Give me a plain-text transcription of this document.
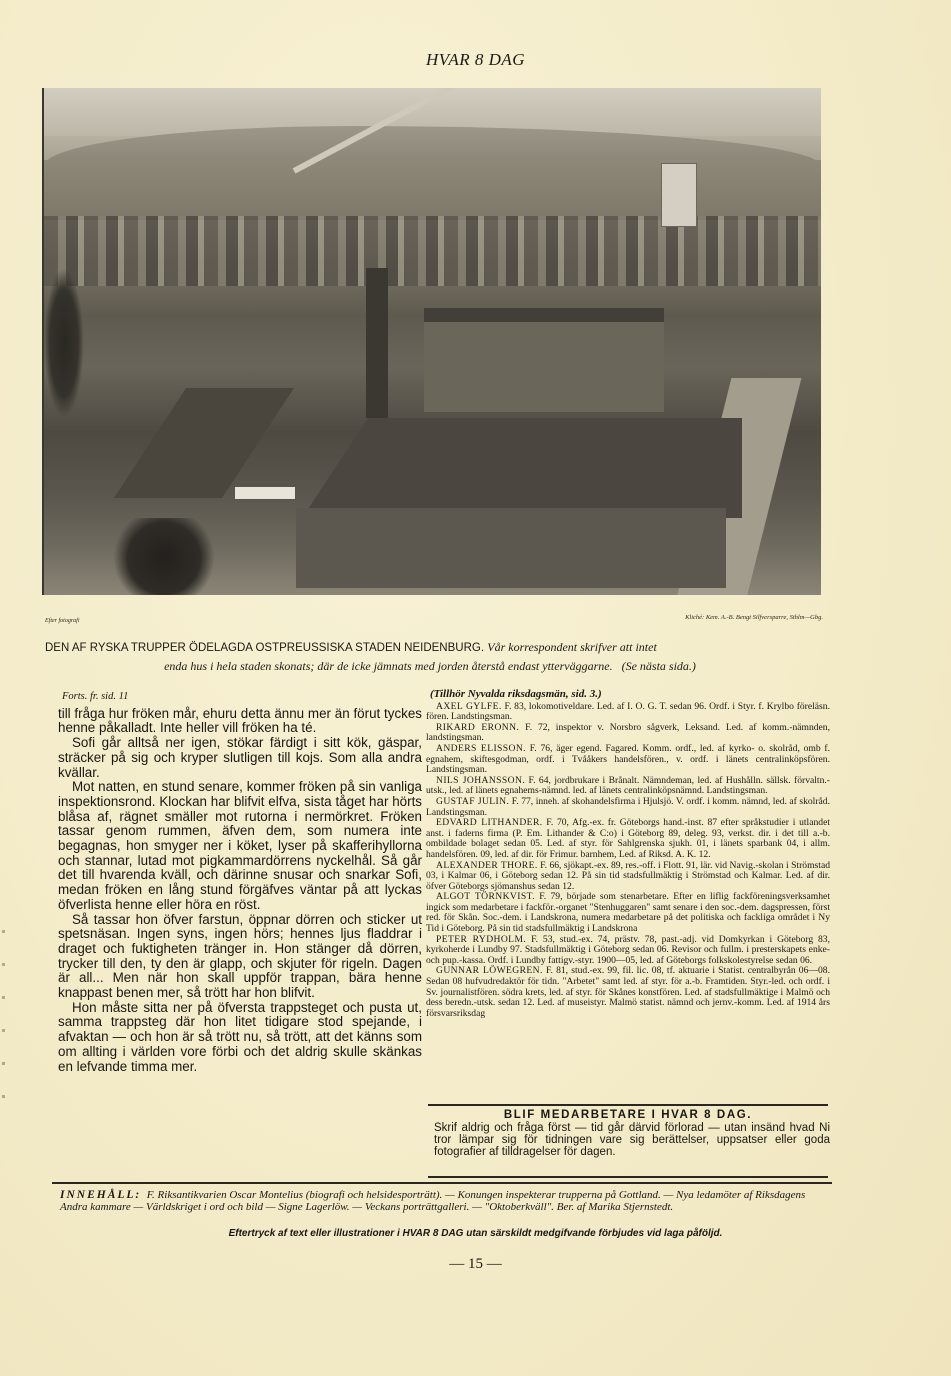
HVAR 8 DAG
Efter fotografi	Kliché: Kem. A.-B. Bengt Silfversparre, Sthlm—Gbg.
DEN AF RYSKA TRUPPER ÖDELAGDA OSTPREUSSISKA STADEN NEIDENBURG. Vår korrespondent skrifver att intet
enda hus i hela staden skonats; där de icke jämnats med jorden återstå endast ytterväggarne. (Se nästa sida.)
Forts. fr. sid. 11

till fråga hur fröken mår, ehuru detta ännu mer än förut tyckes henne påkalladt. Inte heller vill fröken ha té.

Sofi går alltså ner igen, stökar färdigt i sitt kök, gäspar, sträcker på sig och kryper slutligen till kojs. Som alla andra kvällar.

Mot natten, en stund senare, kommer fröken på sin vanliga inspektionsrond. Klockan har blifvit elfva, sista tåget har hörts blåsa af, rägnet smäller mot rutorna i nermörkret. Fröken tassar genom rummen, äfven dem, som numera inte begagnas, hon smyger ner i köket, lyser på skafferihyllorna och stannar, lutad mot pigkammardörrens nyckelhål. Så går det till hvarenda kväll, och därinne snusar och snarkar Sofi, medan fröken en lång stund förgäfves väntar på att lyckas öfverlista henne eller höra en röst.

Så tassar hon öfver farstun, öppnar dörren och sticker ut spetsnäsan. Ingen syns, ingen hörs; hennes ljus fladdrar i draget och fuktigheten tränger in. Hon stänger då dörren, trycker till den, ty den är glapp, och skjuter för rigeln. Dagen är all... Men när hon skall uppför trappan, bära henne knappast benen mer, så trött har hon blifvit.

Hon måste sitta ner på öfversta trappsteget och pusta ut, samma trappsteg där hon litet tidigare stod spejande, i afvaktan — och hon är så trött nu, så trött, att det känns som om allting i världen vore förbi och det aldrig skulle skänkas en lefvande timma mer.

(Tillhör Nyvalda riksdagsmän, sid. 3.)

AXEL GYLFE. F. 83, lokomotiveldare. Led. af I. O. G. T. sedan 96. Ordf. i Styr. f. Krylbo föreläsn. fören. Landstingsman.

RIKARD ERONN. F. 72, inspektor v. Norsbro sågverk, Leksand. Led. af komm.-nämnden, landstingsman.

ANDERS ELISSON. F. 76, äger egend. Fagared. Komm. ordf., led. af kyrko- o. skolråd, omb f. egnahem, skiftesgodman, ordf. i Tvååkers handelsfören., v. ordf. i länets centralinköpsfören. Landstingsman.

NILS JOHANSSON. F. 64, jordbrukare i Brånalt. Nämndeman, led. af Hushålln. sällsk. förvaltn.-utsk., led. af länets egnahems-nämnd. led. af länets centralinköpsnämnd. Landstingsman.

GUSTAF JULIN. F. 77, inneh. af skohandelsfirma i Hjulsjö. V. ordf. i komm. nämnd, led. af skolråd. Landstingsman.

EDVARD LITHANDER. F. 70, Afg.-ex. fr. Göteborgs hand.-inst. 87 efter språkstudier i utlandet anst. i faderns firma (P. Em. Lithander & C:o) i Göteborg 89, deleg. 93, verkst. dir. i det till a.-b. ombildade bolaget sedan 05. Led. af styr. för Sahlgrenska sjukh. 01, i länets sparbank 04, i allm. handelsfören. 09, led. af dir. för Frimur. barnhem, Led. af Riksd. A. K. 12.

ALEXANDER THORE. F. 66, sjökapt.-ex. 89, res.-off. i Flott. 91, lär. vid Navig.-skolan i Strömstad 03, i Kalmar 06, i Göteborg sedan 12. På sin tid stadsfullmäktig i Strömstad och Kalmar. Led. af dir. öfver Göteborgs sjömanshus sedan 12.

ALGOT TÖRNKVIST. F. 79, började som stenarbetare. Efter en liflig fackföreningsverksamhet ingick som medarbetare i fackför.-organet "Stenhuggaren" samt senare i den soc.-dem. dagspressen, först red. för Skån. Soc.-dem. i Landskrona, numera medarbetare på det politiska och fackliga området i Ny Tid i Göteborg. På sin tid stadsfullmäktig i Landskrona

PETER RYDHOLM. F. 53, stud.-ex. 74, prästv. 78, past.-adj. vid Domkyrkan i Göteborg 83, kyrkoherde i Lundby 97. Stadsfullmäktig i Göteborg sedan 06. Revisor och fullm. i presterskapets enke- och pup.-kassa. Ordf. i Lundby fattigv.-styr. 1900—05, led. af Göteborgs folkskolestyrelse sedan 06.

GUNNAR LÖWEGREN. F. 81, stud.-ex. 99, fil. lic. 08, tf. aktuarie i Statist. centralbyrån 06—08. Sedan 08 hufvudredaktör för tidn. "Arbetet" samt led. af styr. för a.-b. Framtiden. Styr.-led. och ordf. i Sv. journalistfören. södra krets, led. af styr. för Skånes konstfören. Led. af stadsfullmäktige i Malmö och dess beredn.-utsk. sedan 12. Led. af museistyr. Malmö statist. nämnd och jernv.-komm. Led. af 1914 års försvarsriksdag

BLIF MEDARBETARE I HVAR 8 DAG.
Skrif aldrig och fråga först — tid går därvid förlorad — utan insänd hvad Ni tror lämpar sig för tidningen vare sig berättelser, uppsatser eller goda fotografier af tilldragelser för dagen.
INNEHÅLL: F. Riksantikvarien Oscar Montelius (biografi och helsidesporträtt). — Konungen inspekterar trupperna på Gottland. — Nya ledamöter af Riksdagens Andra kammare — Världskriget i ord och bild — Signe Lagerlöw. — Veckans porträttgalleri. — "Oktoberkväll". Ber. af Marika Stjernstedt.
Eftertryck af text eller illustrationer i HVAR 8 DAG utan särskildt medgifvande förbjudes vid laga påföljd.
— 15 —
